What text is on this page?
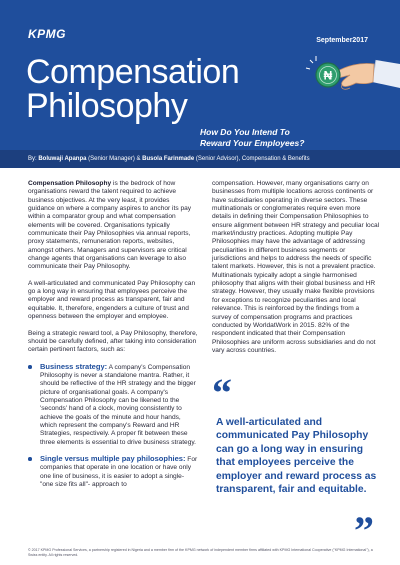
KPMG	September2017
Compensation
Philosophy
How Do You Intend To
Reward Your Employees?
₦
By: Boluwaji Apanpa (Senior Manager) & Busola Farinmade (Senior Advisor), Compensation & Benefits

Compensation Philosophy is the bedrock of how organisations reward the talent required to achieve business objectives. At the very least, it provides guidance on where a company aspires to anchor its pay within a comparator group and what compensation elements will be covered. Organisations typically communicate their Pay Philosophies via annual reports, proxy statements, remuneration reports, websites, amongst others. Managers and supervisors are critical change agents that organisations can leverage to also communicate their Pay Philosophy.

A well-articulated and communicated Pay Philosophy can go a long way in ensuring that employees perceive the employer and reward process as transparent, fair and equitable. It, therefore, engenders a culture of trust and openness between the employer and employee.

Being a strategic reward tool, a Pay Philosophy, therefore, should be carefully defined, after taking into consideration certain pertinent factors, such as:

Business strategy: A company's Compensation Philosophy is never a standalone mantra. Rather, it should be reflective of the HR strategy and the bigger picture of organisational goals. A company's Compensation Philosophy can be likened to the 'seconds' hand of a clock, moving consistently to achieve the goals of the minute and hour hands, which represent the company's Reward and HR Strategies, respectively. A proper fit between these three elements is essential to drive business strategy.
Single versus multiple pay philosophies: For companies that operate in one location or have only one line of business, it is easier to adopt a single- "one size fits all"- approach to

compensation. However, many organisations carry on businesses from multiple locations across continents or have subsidiaries operating in diverse sectors. These multinationals or conglomerates require even more details in defining their Compensation Philosophies to ensure alignment between HR strategy and peculiar local market/industry practices. Adopting multiple Pay Philosophies may have the advantage of addressing peculiarities in different business segments or jurisdictions and helps to address the needs of specific talent markets. However, this is not a prevalent practice. Multinationals typically adopt a single harmonised philosophy that aligns with their global business and HR strategy. However, they usually make flexible provisions for exceptions to recognize peculiarities and local relevance. This is reinforced by the findings from a survey of compensation programs and practices conducted by WorldatWork in 2015. 82% of the respondent indicated that their Compensation Philosophies are uniform across subsidiaries and do not vary across countries.

“
A well-articulated and communicated Pay Philosophy can go a long way in ensuring that employees perceive the employer and reward process as transparent, fair and equitable.
”
© 2017 KPMG Professional Services, a partnership registered in Nigeria and a member firm of the KPMG network of independent member firms affiliated with KPMG International Cooperative ("KPMG International"), a Swiss entity. All rights reserved.
